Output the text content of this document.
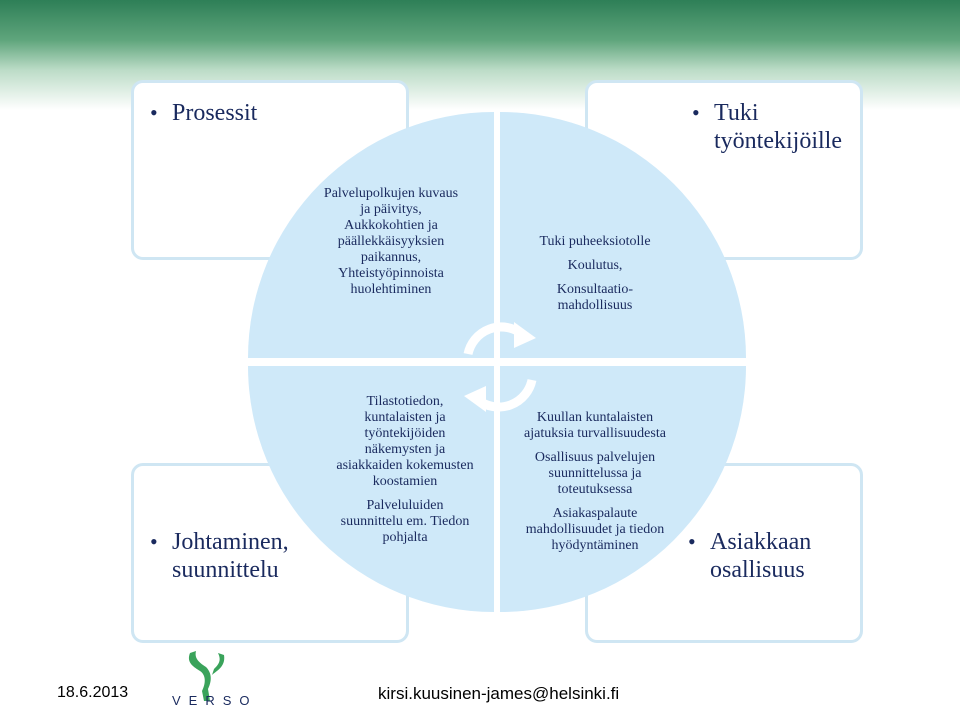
• Prosessit	• Tuki
työntekijöille
• Johtaminen,
suunnittelu
• Asiakkaan
osallisuus
Palvelupolkujen kuvaus
ja päivitys,
Aukkokohtien ja
päällekkäisyyksien
paikannus,
Yhteistyöpinnoista
huolehtiminen
Tuki puheeksiotolle
Koulutus,
Konsultaatio-
mahdollisuus
Tilastotiedon,
kuntalaisten ja
työntekijöiden
näkemysten ja
asiakkaiden kokemusten
koostamien
Palveluluiden
suunnittelu em. Tiedon
pohjalta
Kuullan kuntalaisten
ajatuksia turvallisuudesta
Osallisuus palvelujen
suunnittelussa ja
toteutuksessa
Asiakaspalaute
mahdollisuudet ja tiedon
hyödyntäminen
18.6.2013	VERSO	kirsi.kuusinen-james@helsinki.fi
